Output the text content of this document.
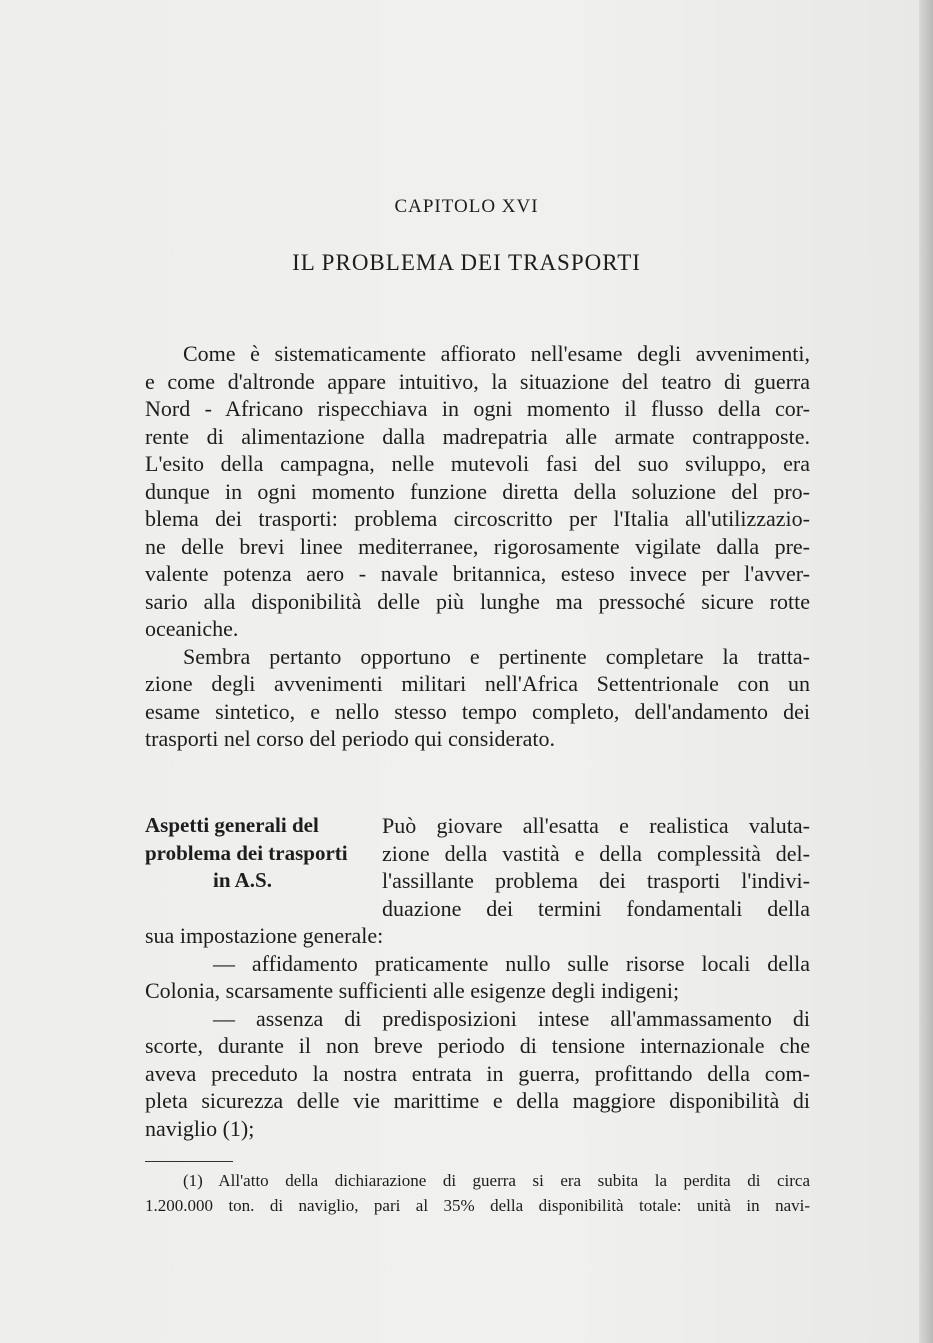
CAPITOLO XVI
IL PROBLEMA DEI TRASPORTI
Come è sistematicamente affiorato nell'esame degli avvenimenti,
e come d'altronde appare intuitivo, la situazione del teatro di guerra
Nord - Africano rispecchiava in ogni momento il flusso della cor-
rente di alimentazione dalla madrepatria alle armate contrapposte.
L'esito della campagna, nelle mutevoli fasi del suo sviluppo, era
dunque in ogni momento funzione diretta della soluzione del pro-
blema dei trasporti: problema circoscritto per l'Italia all'utilizzazio-
ne delle brevi linee mediterranee, rigorosamente vigilate dalla pre-
valente potenza aero - navale britannica, esteso invece per l'avver-
sario alla disponibilità delle più lunghe ma pressoché sicure rotte
oceaniche.
Sembra pertanto opportuno e pertinente completare la tratta-
zione degli avvenimenti militari nell'Africa Settentrionale con un
esame sintetico, e nello stesso tempo completo, dell'andamento dei
trasporti nel corso del periodo qui considerato.
Aspetti generali del
problema dei trasporti
in A.S.
Può giovare all'esatta e realistica valuta-
zione della vastità e della complessità del-
l'assillante problema dei trasporti l'indivi-
duazione dei termini fondamentali della
sua impostazione generale:
— affidamento praticamente nullo sulle risorse locali della
Colonia, scarsamente sufficienti alle esigenze degli indigeni;
— assenza di predisposizioni intese all'ammassamento di
scorte, durante il non breve periodo di tensione internazionale che
aveva preceduto la nostra entrata in guerra, profittando della com-
pleta sicurezza delle vie marittime e della maggiore disponibilità di
naviglio (1);
(1) All'atto della dichiarazione di guerra si era subita la perdita di circa
1.200.000 ton. di naviglio, pari al 35% della disponibilità totale: unità in navi-
